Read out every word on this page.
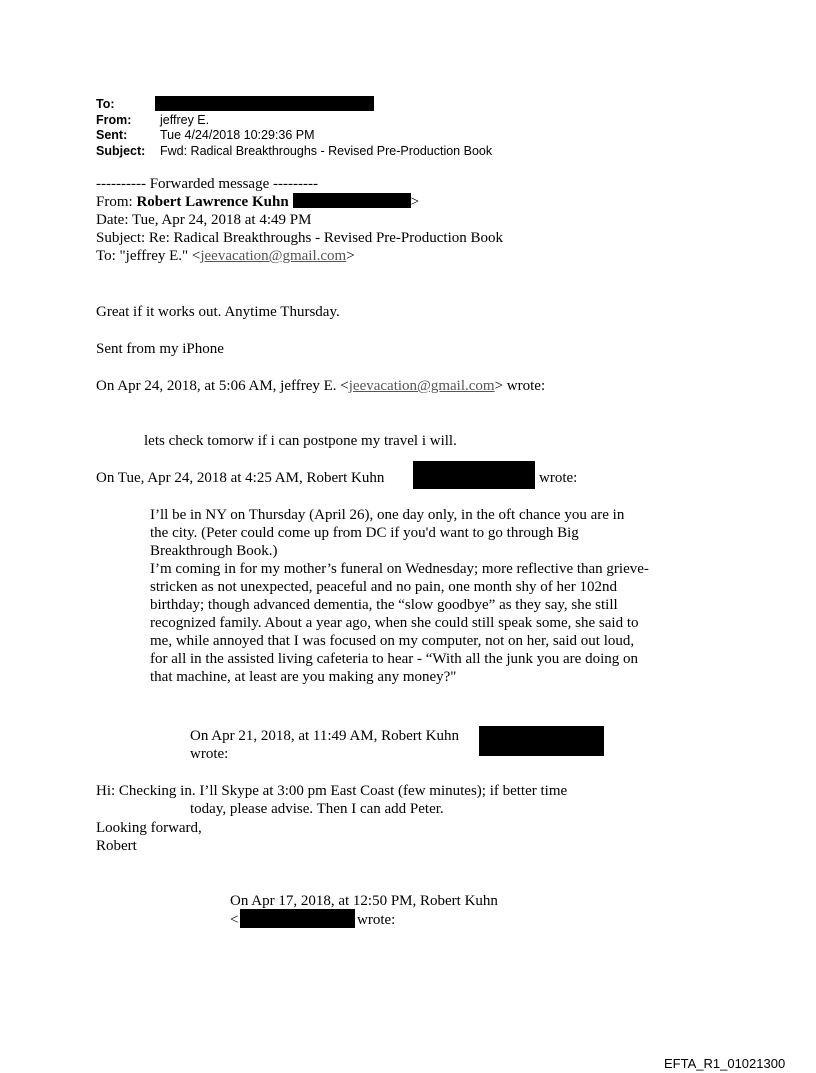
To:
From: jeffrey E.
Sent:	Tue 4/24/2018 10:29:36 PM
Subject: Fwd: Radical Breakthroughs - Revised Pre-Production Book
---------- Forwarded message ---------
From: Robert Lawrence Kuhn	>
Date: Tue, Apr 24, 2018 at 4:49 PM
Subject: Re: Radical Breakthroughs - Revised Pre-Production Book
To: "jeffrey E." <jeevacation@gmail.com>
Great if it works out. Anytime Thursday.
Sent from my iPhone
On Apr 24, 2018, at 5:06 AM, jeffrey E. <jeevacation@gmail.com> wrote:
lets check tomorw if i can postpone my travel i will.
On Tue, Apr 24, 2018 at 4:25 AM, Robert Kuhn	wrote:
I’ll be in NY on Thursday (April 26), one day only, in the oft chance you are in
the city. (Peter could come up from DC if you'd want to go through Big
Breakthrough Book.)
I’m coming in for my mother’s funeral on Wednesday; more reflective than grieve-
stricken as not unexpected, peaceful and no pain, one month shy of her 102nd
birthday; though advanced dementia, the “slow goodbye” as they say, she still
recognized family. About a year ago, when she could still speak some, she said to
me, while annoyed that I was focused on my computer, not on her, said out loud,
for all in the assisted living cafeteria to hear - “With all the junk you are doing on
that machine, at least are you making any money?"
On Apr 21, 2018, at 11:49 AM, Robert Kuhn
wrote:
Hi: Checking in. I’ll Skype at 3:00 pm East Coast (few minutes); if better time
today, please advise. Then I can add Peter.
Looking forward,
Robert
On Apr 17, 2018, at 12:50 PM, Robert Kuhn
<	wrote:
EFTA_R1_01021300
